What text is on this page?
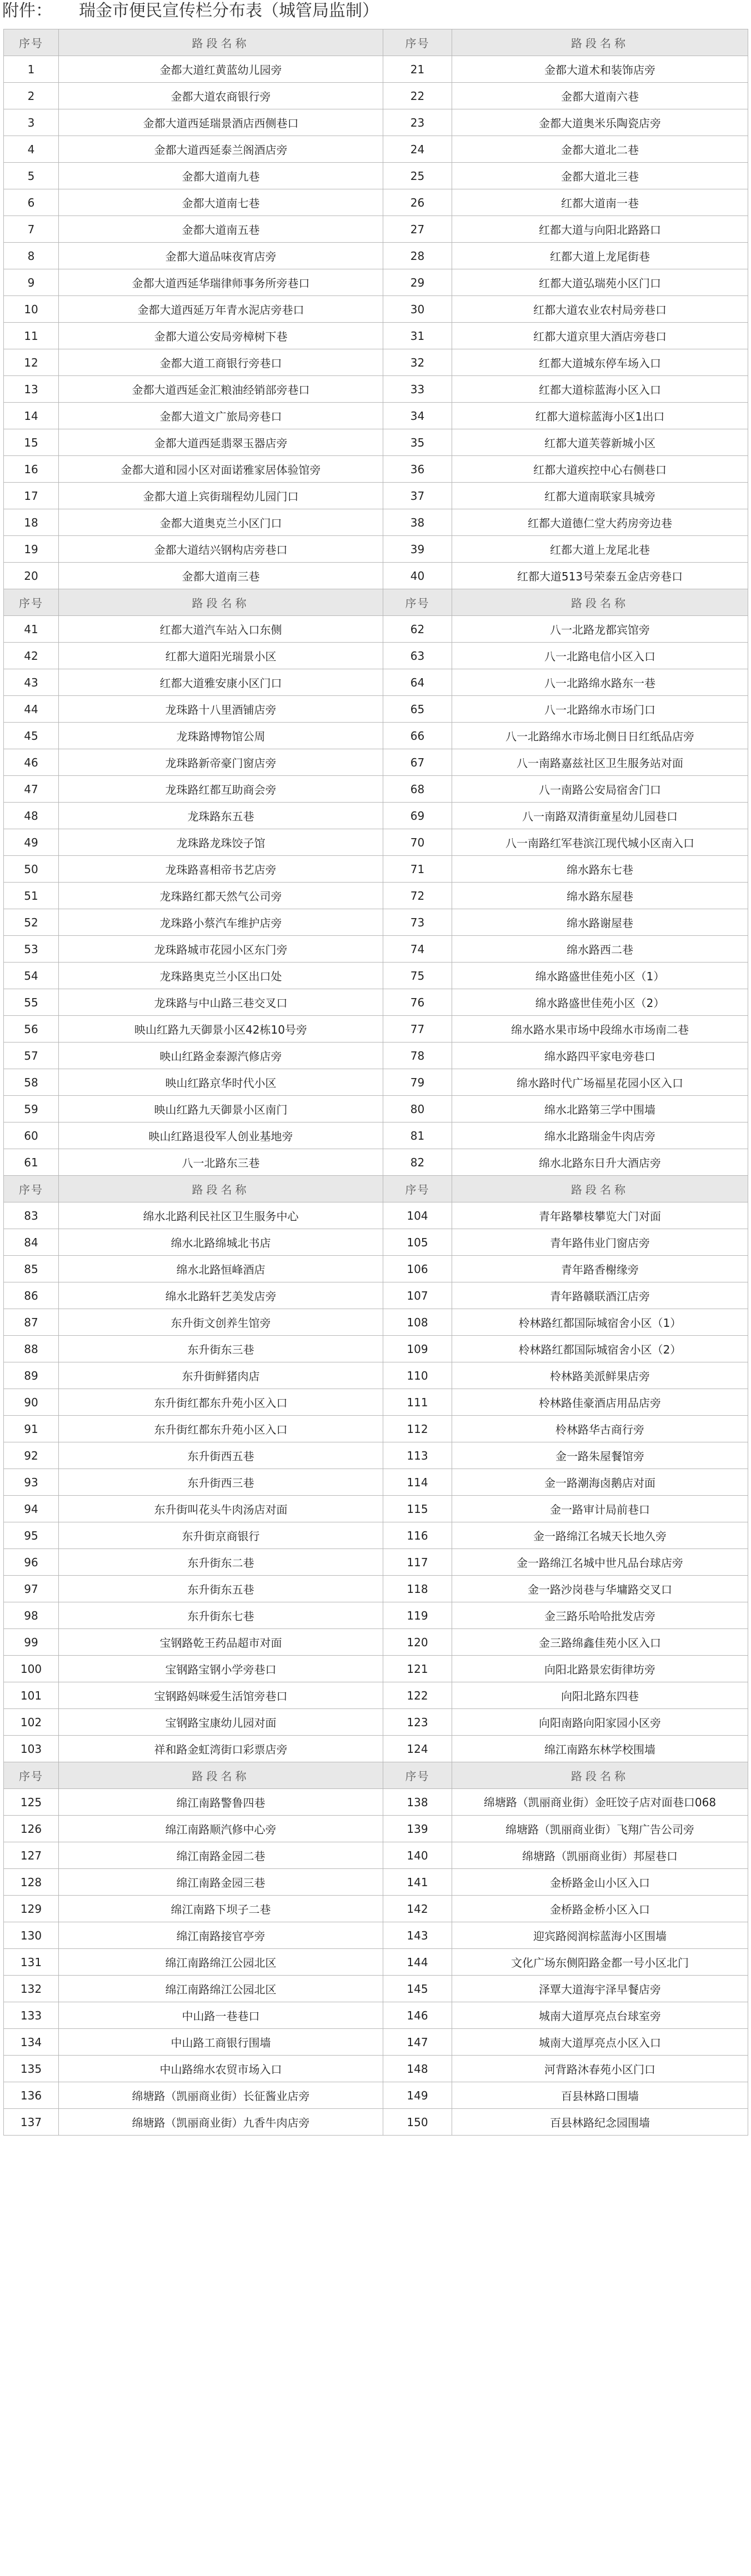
附件： 瑞金市便民宣传栏分布表（城管局监制）
序号	路段名称	序号	路段名称
1	金都大道红黄蓝幼儿园旁	21	金都大道术和装饰店旁
2	金都大道农商银行旁	22	金都大道南六巷
3	金都大道西延瑞景酒店西侧巷口	23	金都大道奥米乐陶瓷店旁
4	金都大道西延泰兰阁酒店旁	24	金都大道北二巷
5	金都大道南九巷	25	金都大道北三巷
6	金都大道南七巷	26	红都大道南一巷
7	金都大道南五巷	27	红都大道与向阳北路路口
8	金都大道品味夜宵店旁	28	红都大道上龙尾街巷
9	金都大道西延华瑞律师事务所旁巷口	29	红都大道弘瑞苑小区门口
10	金都大道西延万年青水泥店旁巷口	30	红都大道农业农村局旁巷口
11	金都大道公安局旁樟树下巷	31	红都大道京里大酒店旁巷口
12	金都大道工商银行旁巷口	32	红都大道城东停车场入口
13	金都大道西延金汇粮油经销部旁巷口	33	红都大道棕蓝海小区入口
14	金都大道文广旅局旁巷口	34	红都大道棕蓝海小区1出口
15	金都大道西延翡翠玉器店旁	35	红都大道芙蓉新城小区
16	金都大道和园小区对面诺雅家居体验馆旁	36	红都大道疾控中心右侧巷口
17	金都大道上宾街瑞程幼儿园门口	37	红都大道南联家具城旁
18	金都大道奥克兰小区门口	38	红都大道德仁堂大药房旁边巷
19	金都大道结兴钢构店旁巷口	39	红都大道上龙尾北巷
20	金都大道南三巷	40	红都大道513号荣泰五金店旁巷口
序号	路段名称	序号	路段名称
41	红都大道汽车站入口东侧	62	八一北路龙都宾馆旁
42	红都大道阳光瑞景小区	63	八一北路电信小区入口
43	红都大道雅安康小区门口	64	八一北路绵水路东一巷
44	龙珠路十八里酒铺店旁	65	八一北路绵水市场门口
45	龙珠路博物馆公周	66	八一北路绵水市场北侧日日红纸品店旁
46	龙珠路新帝豪门窗店旁	67	八一南路嘉兹社区卫生服务站对面
47	龙珠路红都互助商会旁	68	八一南路公安局宿舍门口
48	龙珠路东五巷	69	八一南路双清街童星幼儿园巷口
49	龙珠路龙珠饺子馆	70	八一南路红军巷滨江现代城小区南入口
50	龙珠路喜相帝书艺店旁	71	绵水路东七巷
51	龙珠路红都天然气公司旁	72	绵水路东屋巷
52	龙珠路小蔡汽车维护店旁	73	绵水路谢屋巷
53	龙珠路城市花园小区东门旁	74	绵水路西二巷
54	龙珠路奥克兰小区出口处	75	绵水路盛世佳苑小区（1）
55	龙珠路与中山路三巷交叉口	76	绵水路盛世佳苑小区（2）
56	映山红路九天御景小区42栋10号旁	77	绵水路水果市场中段绵水市场南二巷
57	映山红路金泰源汽修店旁	78	绵水路四平家电旁巷口
58	映山红路京华时代小区	79	绵水路时代广场福星花园小区入口
59	映山红路九天御景小区南门	80	绵水北路第三学中围墙
60	映山红路退役军人创业基地旁	81	绵水北路瑞金牛肉店旁
61	八一北路东三巷	82	绵水北路东日升大酒店旁
序号	路段名称	序号	路段名称
83	绵水北路利民社区卫生服务中心	104	青年路攀枝攀览大门对面
84	绵水北路绵城北书店	105	青年路伟业门窗店旁
85	绵水北路恒峰酒店	106	青年路香榭缘旁
86	绵水北路轩艺美发店旁	107	青年路赣联酒江店旁
87	东升街文创养生馆旁	108	柃林路红都国际城宿舍小区（1）
88	东升街东三巷	109	柃林路红都国际城宿舍小区（2）
89	东升街鲜猪肉店	110	柃林路美派鲜果店旁
90	东升街红都东升苑小区入口	111	柃林路佳豪酒店用品店旁
91	东升街红都东升苑小区入口	112	柃林路华古商行旁
92	东升街西五巷	113	金一路朱屋餐馆旁
93	东升街西三巷	114	金一路潮海卤鹅店对面
94	东升街叫花头牛肉汤店对面	115	金一路审计局前巷口
95	东升街京商银行	116	金一路绵江名城天长地久旁
96	东升街东二巷	117	金一路绵江名城中世凡品台球店旁
97	东升街东五巷	118	金一路沙岗巷与华墉路交叉口
98	东升街东七巷	119	金三路乐哈哈批发店旁
99	宝钢路乾王药品超市对面	120	金三路绵鑫佳苑小区入口
100	宝钢路宝钢小学旁巷口	121	向阳北路景宏街律坊旁
101	宝钢路妈咪爱生活馆旁巷口	122	向阳北路东四巷
102	宝钢路宝康幼儿园对面	123	向阳南路向阳家园小区旁
103	祥和路金虹湾街口彩票店旁	124	绵江南路东林学校围墙
序号	路段名称	序号	路段名称
125	绵江南路警鲁四巷	138	绵塘路（凯丽商业街）金旺饺子店对面巷口068
126	绵江南路顺汽修中心旁	139	绵塘路（凯丽商业街）飞翔广告公司旁
127	绵江南路金园二巷	140	绵塘路（凯丽商业街）邦屋巷口
128	绵江南路金园三巷	141	金桥路金山小区入口
129	绵江南路下坝子二巷	142	金桥路金桥小区入口
130	绵江南路接官亭旁	143	迎宾路阅润棕蓝海小区围墙
131	绵江南路绵江公园北区	144	文化广场东侧阳路金都一号小区北门
132	绵江南路绵江公园北区	145	泽覃大道海宇泽早餐店旁
133	中山路一巷巷口	146	城南大道厚亮点台球室旁
134	中山路工商银行围墙	147	城南大道厚亮点小区入口
135	中山路绵水农贸市场入口	148	河背路沐春苑小区门口
136	绵塘路（凯丽商业街）长征酱业店旁	149	百县林路口围墙
137	绵塘路（凯丽商业街）九香牛肉店旁	150	百县林路纪念园围墙
